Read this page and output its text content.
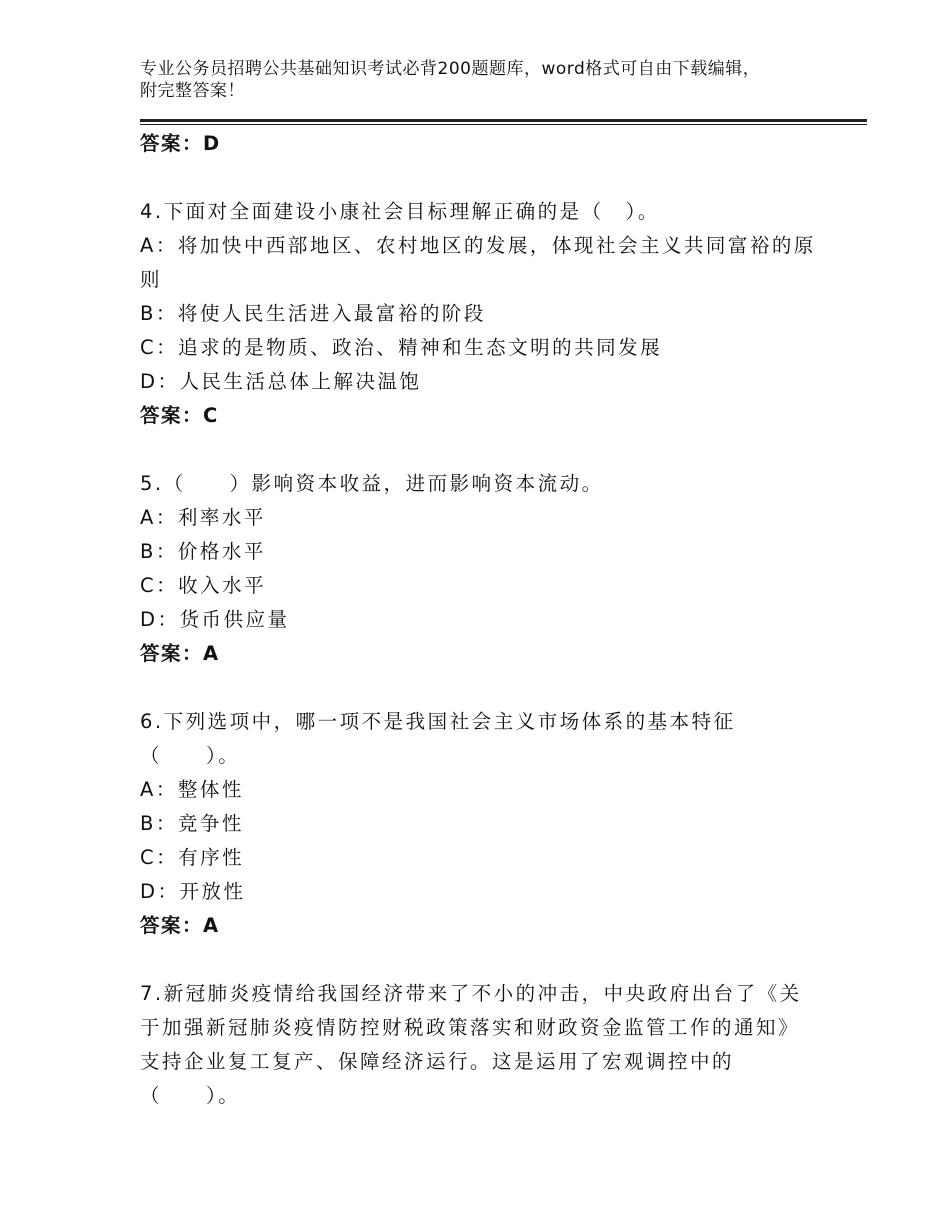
专业公务员招聘公共基础知识考试必背200题题库，word格式可自由下载编辑，
附完整答案！
答案：D
4.下面对全面建设小康社会目标理解正确的是（　）。
A：将加快中西部地区、农村地区的发展，体现社会主义共同富裕的原
则
B：将使人民生活进入最富裕的阶段
C：追求的是物质、政治、精神和生态文明的共同发展
D：人民生活总体上解决温饱
答案：C
5.（　　）影响资本收益，进而影响资本流动。
A：利率水平
B：价格水平
C：收入水平
D：货币供应量
答案：A
6.下列选项中，哪一项不是我国社会主义市场体系的基本特征
（　　）。
A：整体性
B：竞争性
C：有序性
D：开放性
答案：A
7.新冠肺炎疫情给我国经济带来了不小的冲击，中央政府出台了《关
于加强新冠肺炎疫情防控财税政策落实和财政资金监管工作的通知》
支持企业复工复产、保障经济运行。这是运用了宏观调控中的
（　　）。
